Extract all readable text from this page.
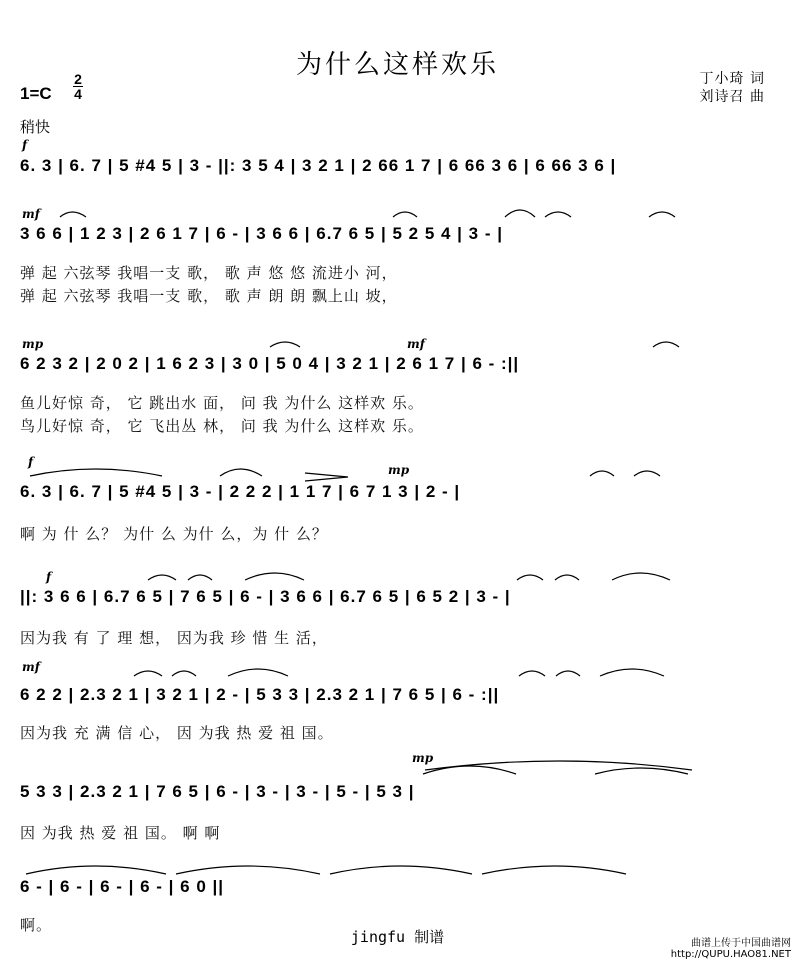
为什么这样欢乐	丁小琦 词
刘诗召 曲
1=C
2
4
稍快
f
6. 3 | 6. 7 | 5 #4 5 | 3 - ||: 3 5 4 | 3 2 1 | 2 66 1 7 | 6 66 3 6 | 6 66 3 6 |
mf
3 6 6 | 1 2 3 | 2 6 1 7 | 6 - | 3 6 6 | 6.7 6 5 | 5 2 5 4 | 3 - |
弹 起 六弦琴 我唱一支 歌， 歌 声 悠 悠 流进小 河，
弹 起 六弦琴 我唱一支 歌， 歌 声 朗 朗 飘上山 坡，
mp	mf
6 2 3 2 | 2 0 2 | 1 6 2 3 | 3 0 | 5 0 4 | 3 2 1 | 2 6 1 7 | 6 - :||
鱼儿好惊 奇， 它 跳出水 面， 问 我 为什么 这样欢 乐。
鸟儿好惊 奇， 它 飞出丛 林， 问 我 为什么 这样欢 乐。
f
mp
6. 3 | 6. 7 | 5 #4 5 | 3 - | 2 2 2 | 1 1 7 | 6 7 1 3 | 2 - |
啊 为 什 么？ 为什 么 为什 么，为 什 么？
f
||: 3 6 6 | 6.7 6 5 | 7 6 5 | 6 - | 3 6 6 | 6.7 6 5 | 6 5 2 | 3 - |
因为我 有 了 理 想， 因为我 珍 惜 生 活，
mf
6 2 2 | 2.3 2 1 | 3 2 1 | 2 - | 5 3 3 | 2.3 2 1 | 7 6 5 | 6 - :||
因为我 充 满 信 心， 因 为我 热 爱 祖 国。
mp
5 3 3 | 2.3 2 1 | 7 6 5 | 6 - | 3 - | 3 - | 5 - | 5 3 |
因 为我 热 爱 祖 国。 啊 啊
6 - | 6 - | 6 - | 6 - | 6 0 ||
啊。
jingfu 制谱	曲谱上传于中国曲谱网
http://QUPU.HAO81.NET
